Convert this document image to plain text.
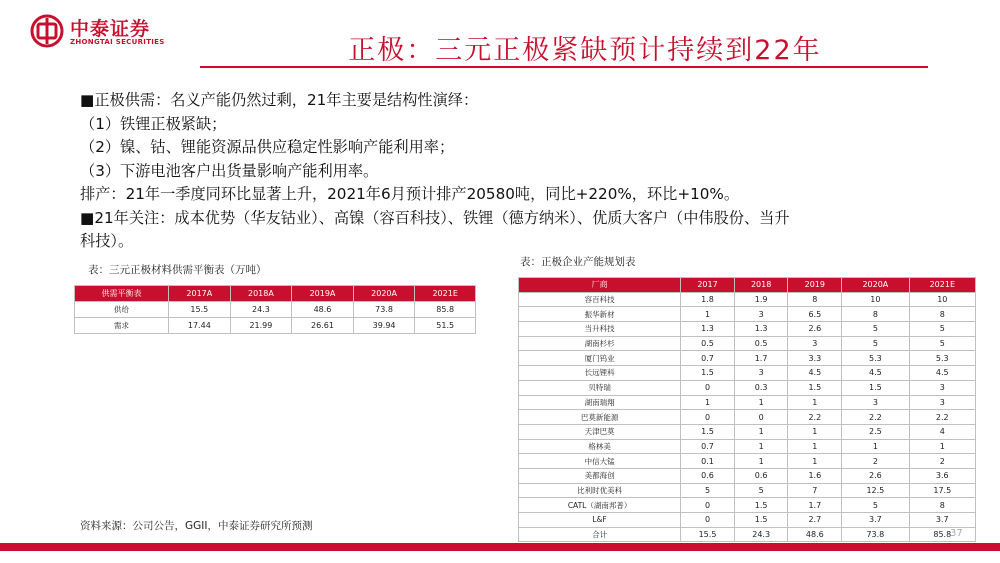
中泰证券
ZHONGTAI SECURITIES	正极：三元正极紧缺预计持续到22年
■正极供需：名义产能仍然过剩，21年主要是结构性演绎：
（1）铁锂正极紧缺；
（2）镍、钴、锂能资源品供应稳定性影响产能利用率；
（3）下游电池客户出货量影响产能利用率。
排产：21年一季度同环比显著上升，2021年6月预计排产20580吨，同比+220%，环比+10%。
■21年关注：成本优势（华友钴业）、高镍（容百科技）、铁锂（德方纳米）、优质大客户（中伟股份、当升
科技）。
表：三元正极材料供需平衡表（万吨）
供需平衡表	2017A	2018A	2019A	2020A	2021E
供给	15.5	24.3	48.6	73.8	85.8
需求	17.44	21.99	26.61	39.94	51.5
表：正极企业产能规划表
厂商	2017	2018	2019	2020A	2021E
容百科技	1.8	1.9	8	10	10
振华新材	1	3	6.5	8	8
当升科技	1.3	1.3	2.6	5	5
湖南杉杉	0.5	0.5	3	5	5
厦门钨业	0.7	1.7	3.3	5.3	5.3
长远锂科	1.5	3	4.5	4.5	4.5
贝特瑞	0	0.3	1.5	1.5	3
湖南瑞翔	1	1	1	3	3
巴莫新能源	0	0	2.2	2.2	2.2
天津巴莫	1.5	1	1	2.5	4
格林美	0.7	1	1	1	1
中信大锰	0.1	1	1	2	2
美都海创	0.6	0.6	1.6	2.6	3.6
比利时优美科	5	5	7	12.5	17.5
CATL（湖南邦普）	0	1.5	1.7	5	8
L&F	0	1.5	2.7	3.7	3.7
合计	15.5	24.3	48.6	73.8	85.8
资料来源：公司公告，GGII，中泰证券研究所预测
37
